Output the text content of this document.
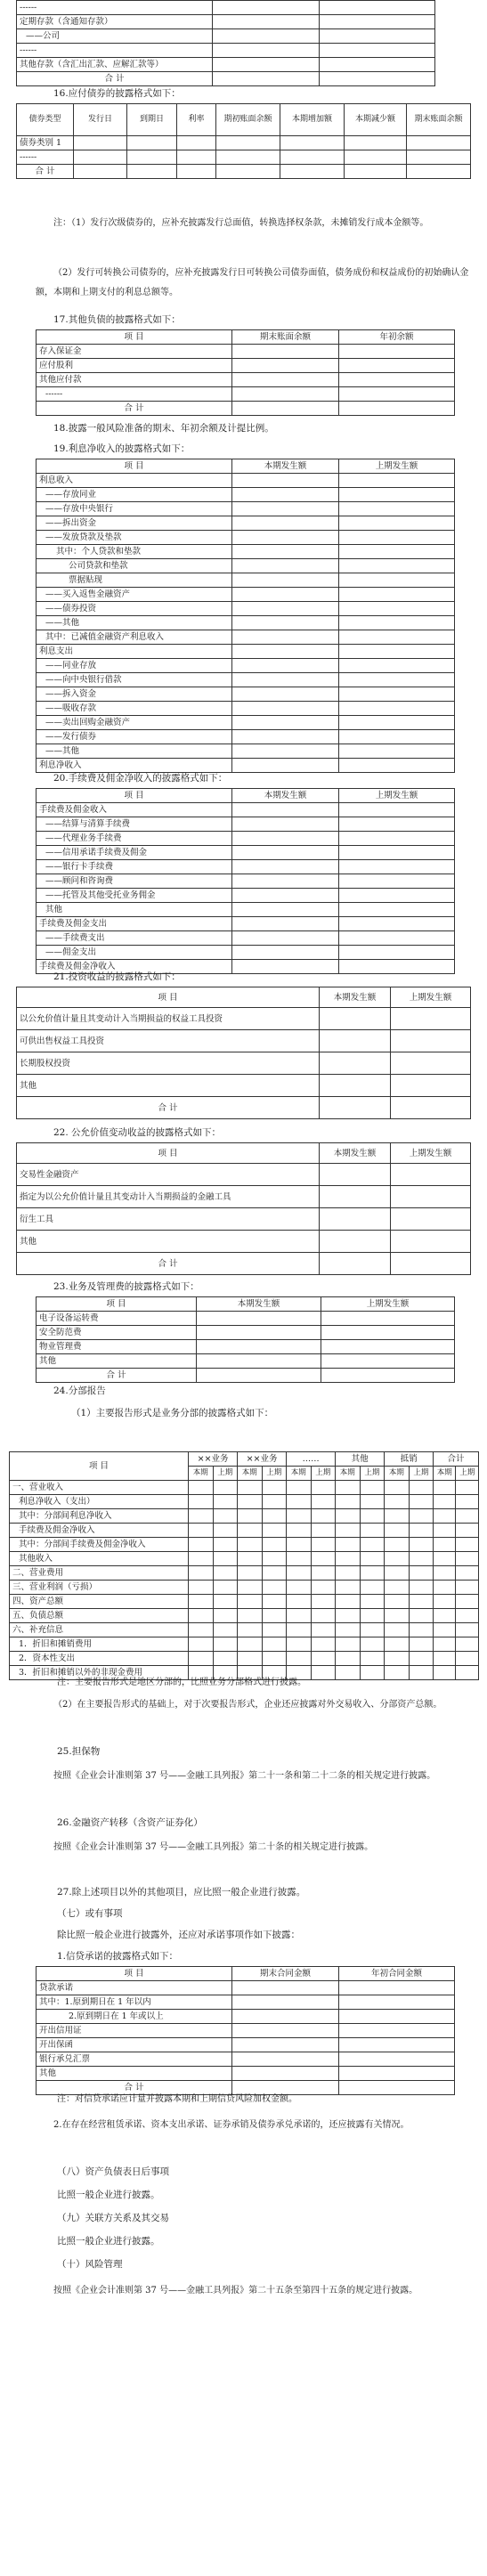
------		
定期存款（含通知存款）		
——公司		
------		
其他存款（含汇出汇款、应解汇款等）		
合 计		
16.应付债券的披露格式如下：
债券类型	发行日	到期日	利率	期初账面余额	本期增加额	本期减少额	期末账面余额
债券类别 1							
------							
合 计							
注：（1）发行次级债券的，应补充披露发行总面值，转换选择权条款，未摊销发行成本金额等。
（2）发行可转换公司债券的，应补充披露发行日可转换公司债券面值，债务成份和权益成份的初始确认金额，本期和上期支付的利息总额等。
17.其他负债的披露格式如下：
项 目	期末账面余额	年初余额
存入保证金		
应付股利		
其他应付款		
------		
合 计		
18.披露一般风险准备的期末、年初余额及计提比例。
19.利息净收入的披露格式如下：
项 目	本期发生额	上期发生额
利息收入		
——存放同业		
——存放中央银行		
——拆出资金		
——发放贷款及垫款		
其中：个人贷款和垫款		
公司贷款和垫款		
票据贴现		
——买入返售金融资产		
——债券投资		
——其他		
其中：已减值金融资产利息收入		
利息支出		
——同业存放		
——向中央银行借款		
——拆入资金		
——吸收存款		
——卖出回购金融资产		
——发行债券		
——其他		
利息净收入		
20.手续费及佣金净收入的披露格式如下：
项 目	本期发生额	上期发生额
手续费及佣金收入		
——结算与清算手续费		
——代理业务手续费		
——信用承诺手续费及佣金		
——银行卡手续费		
——顾问和咨询费		
——托管及其他受托业务佣金		
其他		
手续费及佣金支出		
——手续费支出		
——佣金支出		
手续费及佣金净收入		
21.投资收益的披露格式如下：
项 目	本期发生额	上期发生额
以公允价值计量且其变动计入当期损益的权益工具投资		
可供出售权益工具投资		
长期股权投资		
其他		
合 计		
22. 公允价值变动收益的披露格式如下：
项 目	本期发生额	上期发生额
交易性金融资产		
指定为以公允价值计量且其变动计入当期损益的金融工具		
衍生工具		
其他		
合 计		
23.业务及管理费的披露格式如下：
项 目	本期发生额	上期发生额
电子设备运转费		
安全防范费		
物业管理费		
其他		
合 计		
24.分部报告
（1）主要报告形式是业务分部的披露格式如下：
项 目	××业务		××业务		……		其他		抵销		合计	
	本期	上期	本期	上期	本期	上期	本期	上期	本期	上期	本期	上期
一、营业收入												
利息净收入（支出）												
其中：分部间利息净收入												
手续费及佣金净收入												
其中：分部间手续费及佣金净收入												
其他收入												
二、营业费用												
三、营业利润（亏损）												
四、资产总额												
五、负债总额												
六、补充信息												
1．折旧和摊销费用												
2．资本性支出												
3．折旧和摊销以外的非现金费用												
注：主要报告形式是地区分部的，比照业务分部格式进行披露。
（2）在主要报告形式的基础上，对于次要报告形式，企业还应披露对外交易收入、分部资产总额。
25.担保物
按照《企业会计准则第 37 号——金融工具列报》第二十一条和第二十二条的相关规定进行披露。
26.金融资产转移（含资产证券化）
按照《企业会计准则第 37 号——金融工具列报》第二十条的相关规定进行披露。
27.除上述项目以外的其他项目，应比照一般企业进行披露。
（七）或有事项
除比照一般企业进行披露外，还应对承诺事项作如下披露：
1.信贷承诺的披露格式如下：
项 目	期末合同金额	年初合同金额
贷款承诺		
其中：1.原到期日在 1 年以内		
2.原到期日在 1 年或以上		
开出信用证		
开出保函		
银行承兑汇票		
其他		
合 计		
注：对信贷承诺应计量并披露本期和上期信贷风险加权金额。
2.在存在经营租赁承诺、资本支出承诺、证券承销及债券承兑承诺的，还应披露有关情况。
（八）资产负债表日后事项
比照一般企业进行披露。
（九）关联方关系及其交易
比照一般企业进行披露。
（十）风险管理
按照《企业会计准则第 37 号——金融工具列报》第二十五条至第四十五条的规定进行披露。
